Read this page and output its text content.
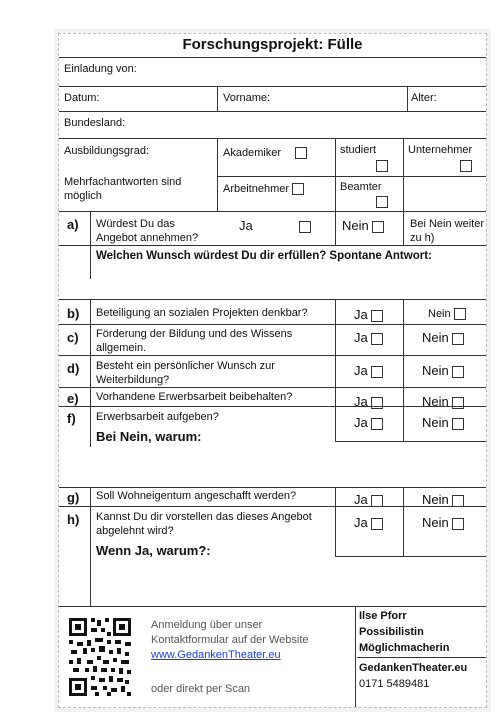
Forschungsprojekt: Fülle
Einladung von:
Datum:	Vorname:	Alter:
Bundesland:
Ausbildungsgrad:
Mehrfachantworten sind möglich
Akademiker	studiert	Unternehmer
Arbeitnehmer	Beamter
a) Würdest Du das Angebot annehmen?
Ja	Nein	Bei Nein weiter zu h)
Welchen Wunsch würdest Du dir erfüllen? Spontane Antwort:
b) Beteiligung an sozialen Projekten denkbar?	Ja	Nein
c) Förderung der Bildung und des Wissens allgemein.
Ja	Nein
d) Besteht ein persönlicher Wunsch zur Weiterbildung?
Ja	Nein
e) Vorhandene Erwerbsarbeit beibehalten?	Ja	Nein
f) Erwerbsarbeit aufgeben?
Bei Nein, warum:
Ja	Nein
g) Soll Wohneigentum angeschafft werden?	Ja	Nein
h) Kannst Du dir vorstellen das dieses Angebot abgelehnt wird?
Wenn Ja, warum?:
Ja	Nein
Anmeldung über unser
Kontaktformular auf der Website
www.GedankenTheater.eu
oder direkt per Scan
Ilse Pforr
Possibilistin
Möglichmacherin
GedankenTheater.eu
0171 5489481
